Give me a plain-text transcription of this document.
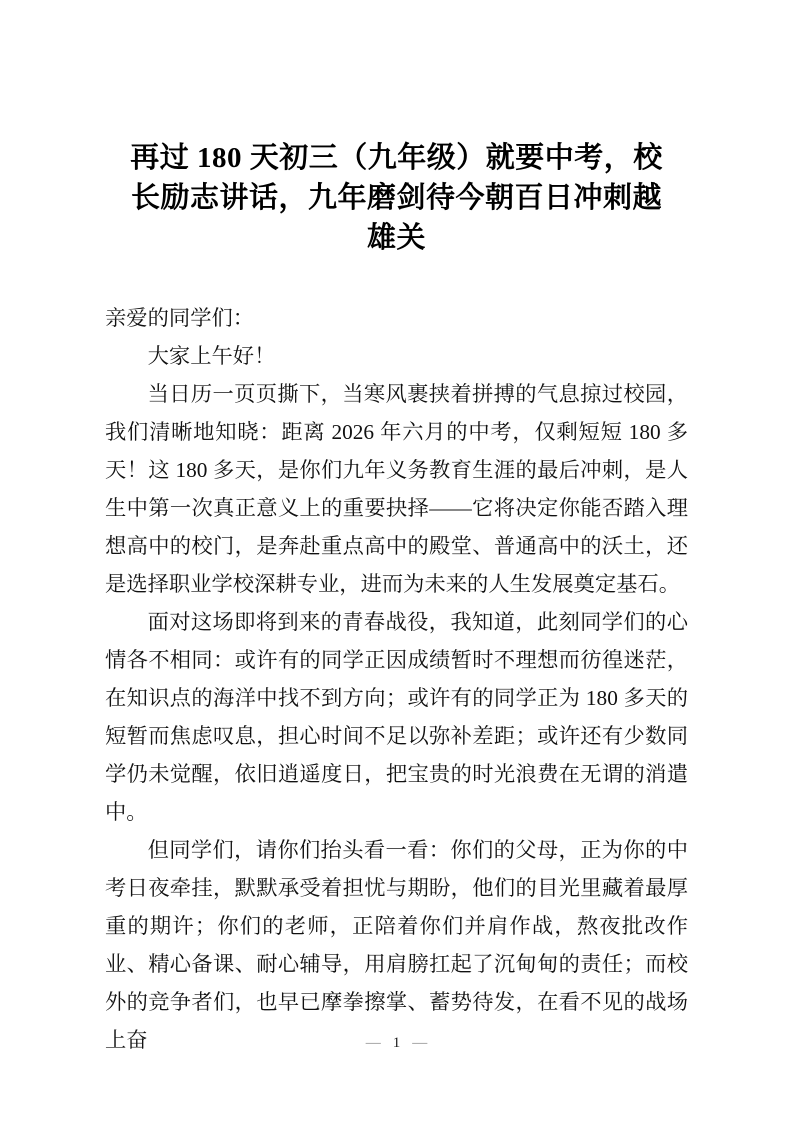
再过 180 天初三（九年级）就要中考，校长励志讲话，九年磨剑待今朝百日冲刺越雄关

亲爱的同学们：

大家上午好！

当日历一页页撕下，当寒风裹挟着拼搏的气息掠过校园，我们清晰地知晓：距离 2026 年六月的中考，仅剩短短 180 多天！这 180 多天，是你们九年义务教育生涯的最后冲刺，是人生中第一次真正意义上的重要抉择——它将决定你能否踏入理想高中的校门，是奔赴重点高中的殿堂、普通高中的沃土，还是选择职业学校深耕专业，进而为未来的人生发展奠定基石。

面对这场即将到来的青春战役，我知道，此刻同学们的心情各不相同：或许有的同学正因成绩暂时不理想而彷徨迷茫，在知识点的海洋中找不到方向；或许有的同学正为 180 多天的短暂而焦虑叹息，担心时间不足以弥补差距；或许还有少数同学仍未觉醒，依旧逍遥度日，把宝贵的时光浪费在无谓的消遣中。

但同学们，请你们抬头看一看：你们的父母，正为你的中考日夜牵挂，默默承受着担忧与期盼，他们的目光里藏着最厚重的期许；你们的老师，正陪着你们并肩作战，熬夜批改作业、精心备课、耐心辅导，用肩膀扛起了沉甸甸的责任；而校外的竞争者们，也早已摩拳擦掌、蓄势待发，在看不见的战场上奋	— 1 —
